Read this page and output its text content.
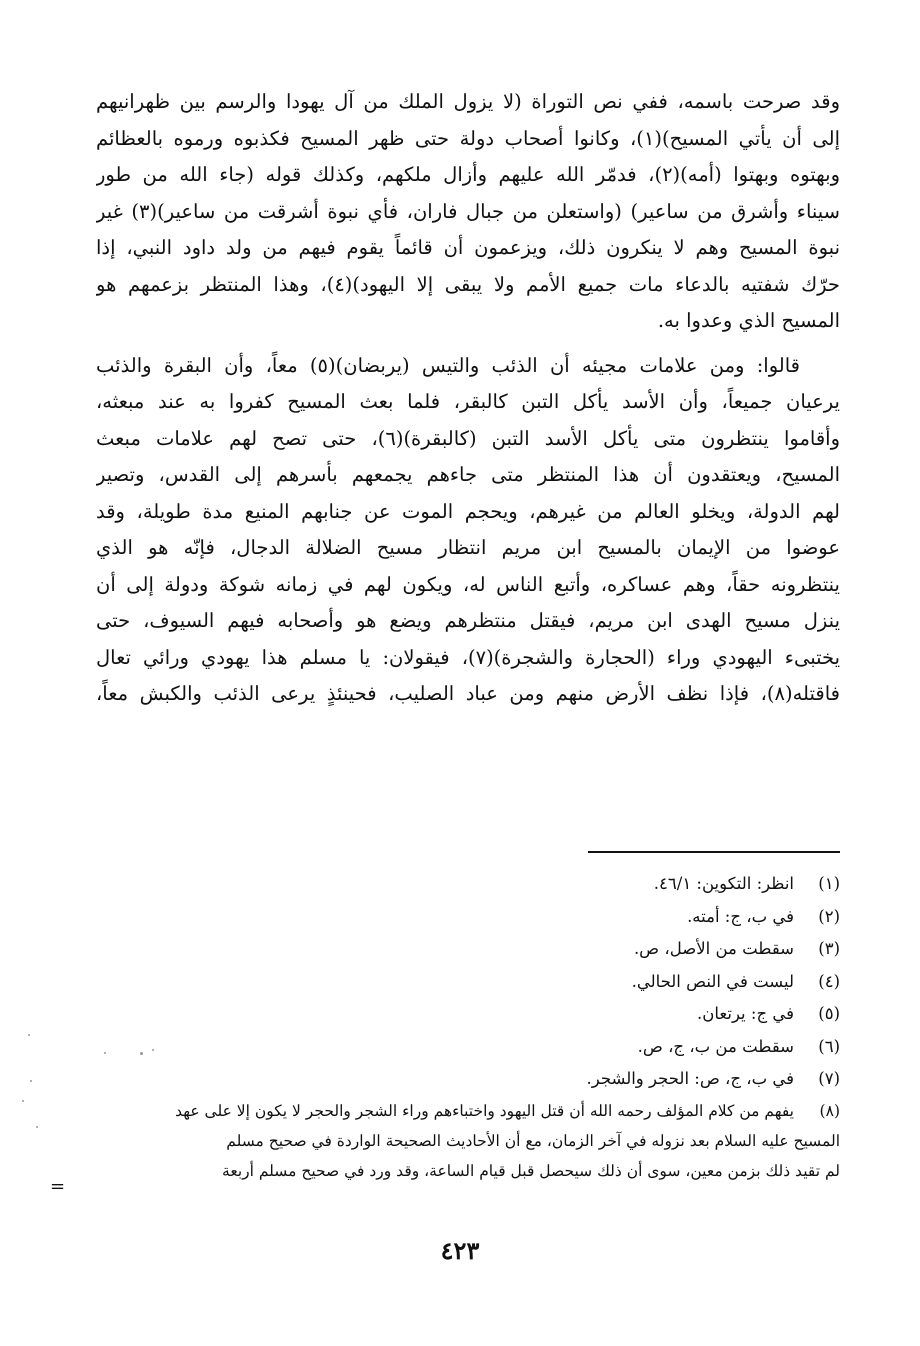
وقد صرحت باسمه، ففي نص التوراة (لا يزول الملك من آل يهودا والرسم بين ظهرانيهم

إلى أن يأتي المسيح)(١)، وكانوا أصحاب دولة حتى ظهر المسيح فكذبوه ورموه بالعظائم

وبهتوه وبهتوا (أمه)(٢)، فدمّر الله عليهم وأزال ملكهم، وكذلك قوله (جاء الله من طور

سيناء وأشرق من ساعير) (واستعلن من جبال فاران، فأي نبوة أشرقت من ساعير)(٣) غير

نبوة المسيح وهم لا ينكرون ذلك، ويزعمون أن قائماً يقوم فيهم من ولد داود النبي، إذا

حرّك شفتيه بالدعاء مات جميع الأمم ولا يبقى إلا اليهود)(٤)، وهذا المنتظر بزعمهم هو

المسيح الذي وعدوا به.

قالوا: ومن علامات مجيئه أن الذئب والتيس (يربضان)(٥) معاً، وأن البقرة والذئب

يرعيان جميعاً، وأن الأسد يأكل التبن كالبقر، فلما بعث المسيح كفروا به عند مبعثه،

وأقاموا ينتظرون متى يأكل الأسد التبن (كالبقرة)(٦)، حتى تصح لهم علامات مبعث

المسيح، ويعتقدون أن هذا المنتظر متى جاءهم يجمعهم بأسرهم إلى القدس، وتصير

لهم الدولة، ويخلو العالم من غيرهم، ويحجم الموت عن جنابهم المنيع مدة طويلة، وقد

عوضوا من الإيمان بالمسيح ابن مريم انتظار مسيح الضلالة الدجال، فإنّه هو الذي

ينتظرونه حقاً، وهم عساكره، وأتبع الناس له، ويكون لهم في زمانه شوكة ودولة إلى أن

ينزل مسيح الهدى ابن مريم، فيقتل منتظرهم ويضع هو وأصحابه فيهم السيوف، حتى

يختبىء اليهودي وراء (الحجارة والشجرة)(٧)، فيقولان: يا مسلم هذا يهودي ورائي تعال

فاقتله(٨)، فإذا نظف الأرض منهم ومن عباد الصليب، فحينئذٍ يرعى الذئب والكبش معاً،

(١)انظر: التكوين: ٤٦/١.
(٢)في ب، ج: أمته.
(٣)سقطت من الأصل، ص.
(٤)ليست في النص الحالي.
(٥)في ج: يرتعان.
(٦)سقطت من ب، ج، ص.
(٧)في ب، ج، ص: الحجر والشجر.
(٨)يفهم من كلام المؤلف رحمه الله أن قتل اليهود واختباءهم وراء الشجر والحجر لا يكون إلا على عهد
المسيح عليه السلام بعد نزوله في آخر الزمان، مع أن الأحاديث الصحيحة الواردة في صحيح مسلم
لم تقيد ذلك بزمن معين، سوى أن ذلك سيحصل قبل قيام الساعة، وقد ورد في صحيح مسلم أربعة
=
٤٢٣
